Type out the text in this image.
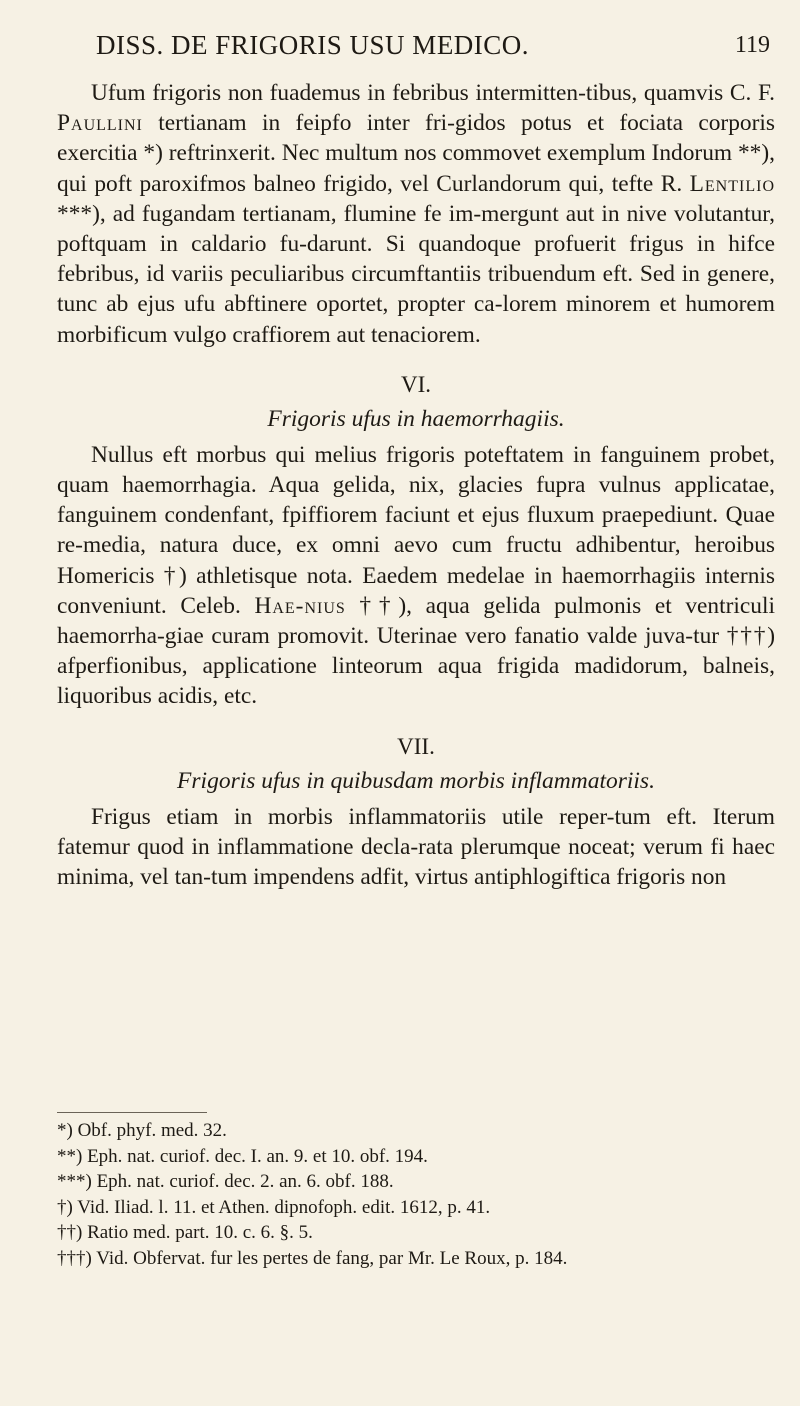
DISS. DE FRIGORIS USU MEDICO.	119

Ufum frigoris non fuademus in febribus intermitten-tibus, quamvis C. F. Paullini tertianam in feipfo inter fri-gidos potus et fociata corporis exercitia *) reftrinxerit. Nec multum nos commovet exemplum Indorum **), qui poft paroxifmos balneo frigido, vel Curlandorum qui, tefte R. Lentilio ***), ad fugandam tertianam, flumine fe im-mergunt aut in nive volutantur, poftquam in caldario fu-darunt. Si quandoque profuerit frigus in hifce febribus, id variis peculiaribus circumftantiis tribuendum eft. Sed in genere, tunc ab ejus ufu abftinere oportet, propter ca-lorem minorem et humorem morbificum vulgo craffiorem aut tenaciorem.

VI.
Frigoris ufus in haemorrhagiis.

Nullus eft morbus qui melius frigoris poteftatem in fanguinem probet, quam haemorrhagia. Aqua gelida, nix, glacies fupra vulnus applicatae, fanguinem condenfant, fpiffiorem faciunt et ejus fluxum praepediunt. Quae re-media, natura duce, ex omni aevo cum fructu adhibentur, heroibus Homericis †) athletisque nota. Eaedem medelae in haemorrhagiis internis conveniunt. Celeb. Hae-nius ††), aqua gelida pulmonis et ventriculi haemorrha-giae curam promovit. Uterinae vero fanatio valde juva-tur †††) afperfionibus, applicatione linteorum aqua frigida madidorum, balneis, liquoribus acidis, etc.

VII.
Frigoris ufus in quibusdam morbis inflammatoriis.

Frigus etiam in morbis inflammatoriis utile reper-tum eft. Iterum fatemur quod in inflammatione decla-rata plerumque noceat; verum fi haec minima, vel tan-tum impendens adfit, virtus antiphlogiftica frigoris non

*) Obf. phyf. med. 32.
**) Eph. nat. curiof. dec. I. an. 9. et 10. obf. 194.
***) Eph. nat. curiof. dec. 2. an. 6. obf. 188.
†) Vid. Iliad. l. 11. et Athen. dipnofoph. edit. 1612, p. 41.
††) Ratio med. part. 10. c. 6. §. 5.
†††) Vid. Obfervat. fur les pertes de fang, par Mr. Le Roux, p. 184.
